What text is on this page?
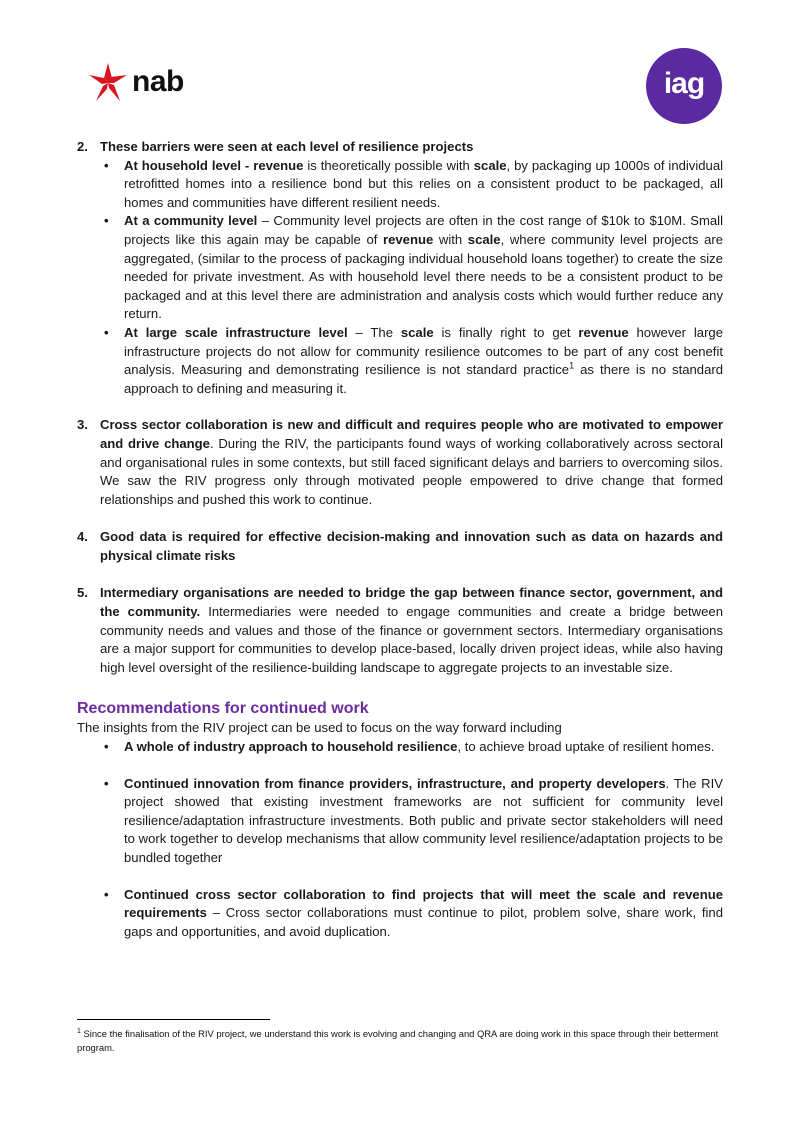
nab	iag
2. These barriers were seen at each level of resilience projects

• At household level - revenue is theoretically possible with scale, by packaging up 1000s of individual retrofitted homes into a resilience bond but this relies on a consistent product to be packaged, all homes and communities have different resilient needs.
• At a community level – Community level projects are often in the cost range of $10k to $10M. Small projects like this again may be capable of revenue with scale, where community level projects are aggregated, (similar to the process of packaging individual household loans together) to create the size needed for private investment. As with household level there needs to be a consistent product to be packaged and at this level there are administration and analysis costs which would further reduce any return.
• At large scale infrastructure level – The scale is finally right to get revenue however large infrastructure projects do not allow for community resilience outcomes to be part of any cost benefit analysis. Measuring and demonstrating resilience is not standard practice$^1$ as there is no standard approach to defining and measuring it.
3. Cross sector collaboration is new and difficult and requires people who are motivated to empower and drive change. During the RIV, the participants found ways of working collaboratively across sectoral and organisational rules in some contexts, but still faced significant delays and barriers to overcoming silos. We saw the RIV progress only through motivated people empowered to drive change that formed relationships and pushed this work to continue.

4. Good data is required for effective decision-making and innovation such as data on hazards and physical climate risks

5. Intermediary organisations are needed to bridge the gap between finance sector, government, and the community. Intermediaries were needed to engage communities and create a bridge between community needs and values and those of the finance or government sectors. Intermediary organisations are a major support for communities to develop place-based, locally driven project ideas, while also having high level oversight of the resilience-building landscape to aggregate projects to an investable size.

Recommendations for continued work

The insights from the RIV project can be used to focus on the way forward including

• A whole of industry approach to household resilience, to achieve broad uptake of resilient homes.
• Continued innovation from finance providers, infrastructure, and property developers. The RIV project showed that existing investment frameworks are not sufficient for community level resilience/adaptation infrastructure investments. Both public and private sector stakeholders will need to work together to develop mechanisms that allow community level resilience/adaptation projects to be bundled together
• Continued cross sector collaboration to find projects that will meet the scale and revenue requirements – Cross sector collaborations must continue to pilot, problem solve, share work, find gaps and opportunities, and avoid duplication.

$^1$ Since the finalisation of the RIV project, we understand this work is evolving and changing and QRA are doing work in this space through their betterment program.
